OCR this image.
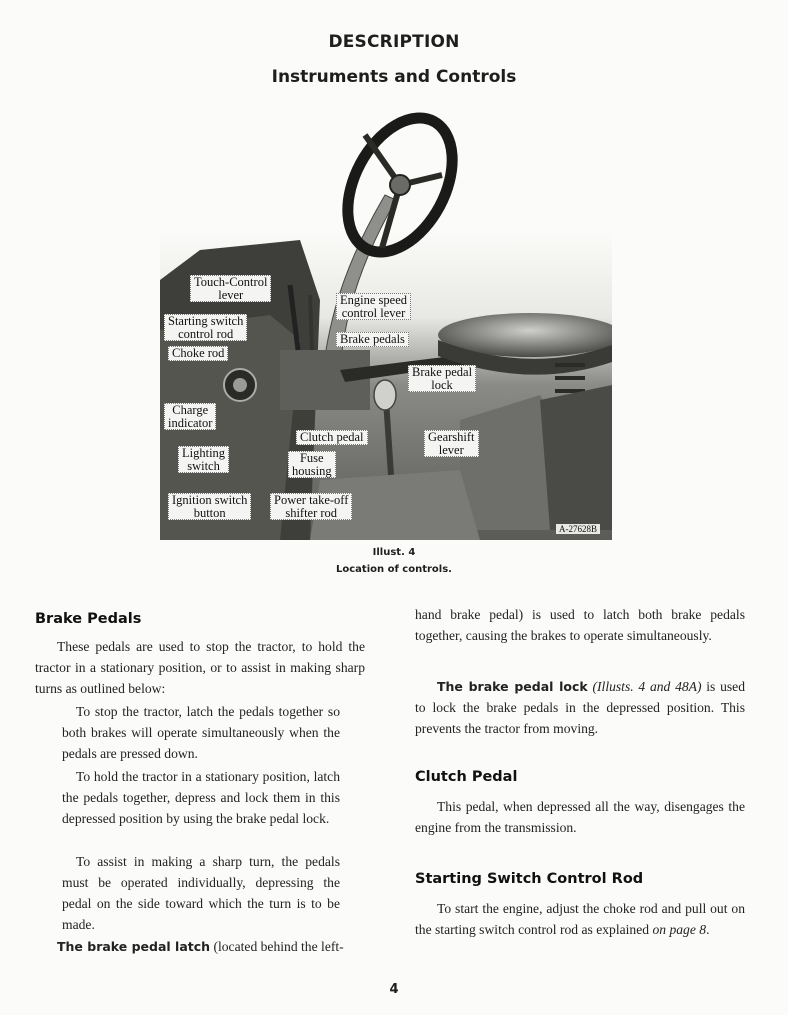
DESCRIPTION
Instruments and Controls
Touch-Control
lever
Starting switch
control rod
Choke rod
Engine speed
control lever
Brake pedals
Brake pedal
lock
Charge
indicator
Clutch pedal	Gearshift
lever
Lighting
switch
Fuse
housing
Ignition switch
button
Power take-off
shifter rod
A-27628B
Illust. 4
Location of controls.
Brake Pedals

These pedals are used to stop the tractor, to hold the tractor in a stationary position, or to assist in making sharp turns as outlined below:

To stop the tractor, latch the pedals together so both brakes will operate simultaneously when the pedals are pressed down.

To hold the tractor in a stationary position, latch the pedals together, depress and lock them in this depressed position by using the brake pedal lock.

To assist in making a sharp turn, the pedals must be operated individually, depressing the pedal on the side toward which the turn is to be made.

The brake pedal latch (located behind the left-

hand brake pedal) is used to latch both brake pedals together, causing the brakes to operate simultaneously.

The brake pedal lock (Illusts. 4 and 48A) is used to lock the brake pedals in the depressed position. This prevents the tractor from moving.

Clutch Pedal

This pedal, when depressed all the way, disengages the engine from the transmission.

Starting Switch Control Rod

To start the engine, adjust the choke rod and pull out on the starting switch control rod as explained on page 8.

4
